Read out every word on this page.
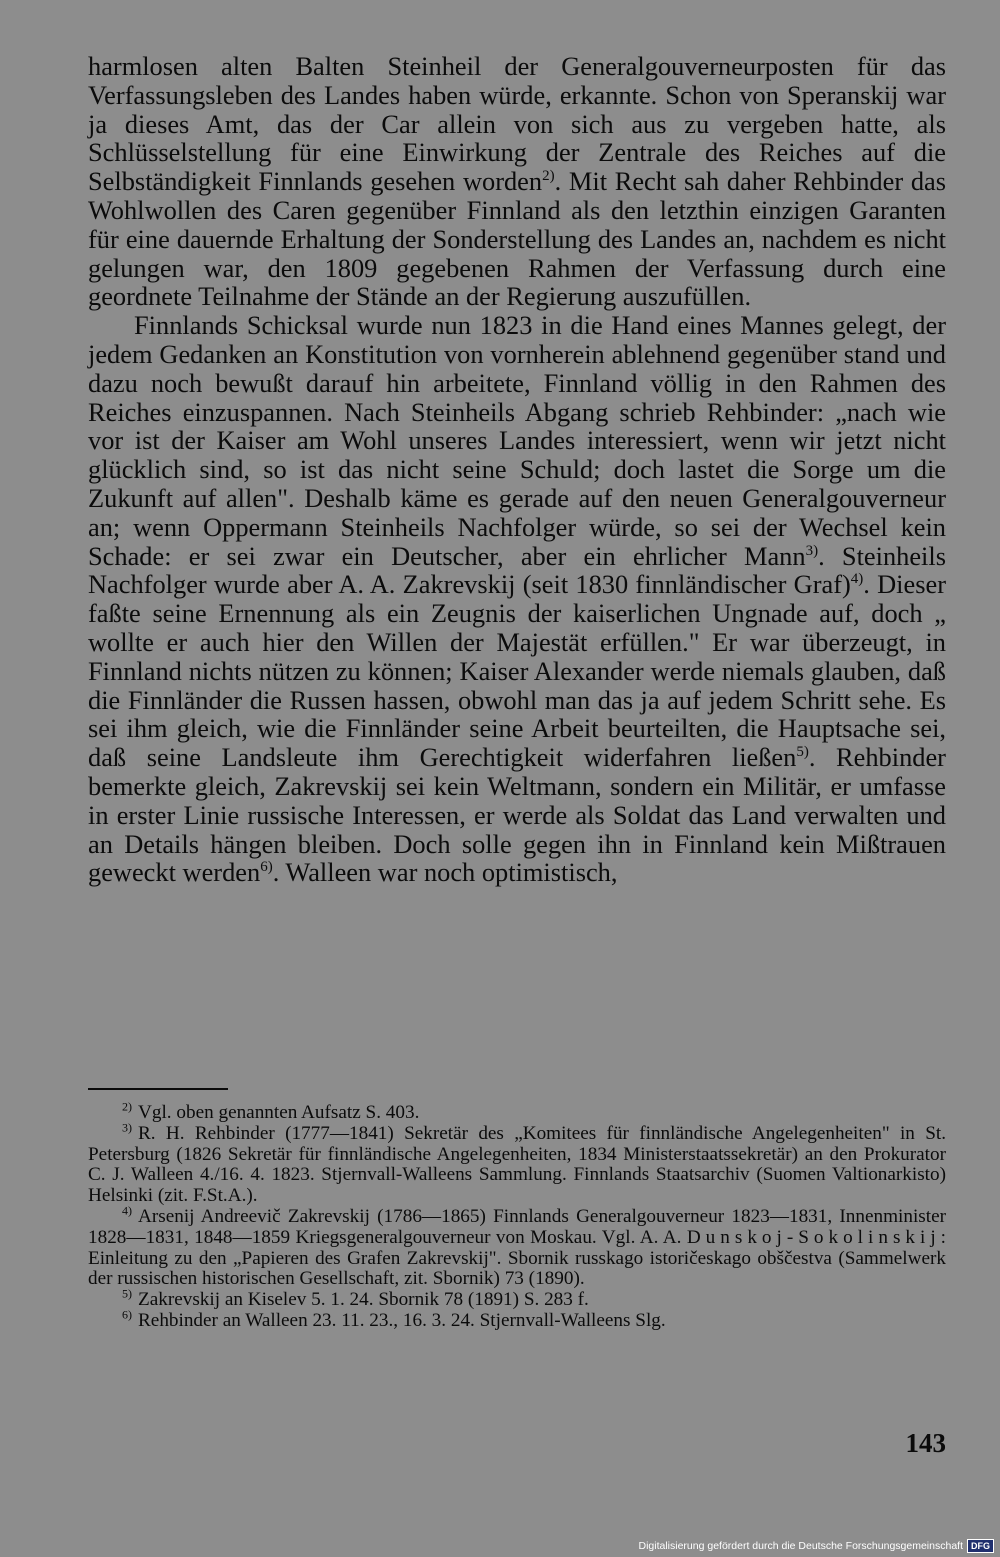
harmlosen alten Balten Steinheil der Generalgouverneurposten für das Verfassungsleben des Landes haben würde, erkannte. Schon von Speranskij war ja dieses Amt, das der Car allein von sich aus zu vergeben hatte, als Schlüsselstellung für eine Einwirkung der Zentrale des Reiches auf die Selbständigkeit Finnlands gesehen worden$^{2)}$. Mit Recht sah daher Rehbinder das Wohlwollen des Caren gegenüber Finnland als den letzthin einzigen Garanten für eine dauernde Erhaltung der Sonderstellung des Landes an, nachdem es nicht gelungen war, den 1809 gegebenen Rahmen der Verfassung durch eine geordnete Teilnahme der Stände an der Regierung auszufüllen.

Finnlands Schicksal wurde nun 1823 in die Hand eines Mannes gelegt, der jedem Gedanken an Konstitution von vornherein ablehnend gegenüber stand und dazu noch bewußt darauf hin arbeitete, Finnland völlig in den Rahmen des Reiches einzuspannen. Nach Steinheils Abgang schrieb Rehbinder: „nach wie vor ist der Kaiser am Wohl unseres Landes interessiert, wenn wir jetzt nicht glücklich sind, so ist das nicht seine Schuld; doch lastet die Sorge um die Zukunft auf allen". Deshalb käme es gerade auf den neuen Generalgouverneur an; wenn Oppermann Steinheils Nachfolger würde, so sei der Wechsel kein Schade: er sei zwar ein Deutscher, aber ein ehrlicher Mann$^{3)}$. Steinheils Nachfolger wurde aber A. A. Zakrevskij (seit 1830 finnländischer Graf)$^{4)}$. Dieser faßte seine Ernennung als ein Zeugnis der kaiserlichen Ungnade auf, doch „ wollte er auch hier den Willen der Majestät erfüllen." Er war überzeugt, in Finnland nichts nützen zu können; Kaiser Alexander werde niemals glauben, daß die Finnländer die Russen hassen, obwohl man das ja auf jedem Schritt sehe. Es sei ihm gleich, wie die Finnländer seine Arbeit beurteilten, die Hauptsache sei, daß seine Landsleute ihm Gerechtigkeit widerfahren ließen$^{5)}$. Rehbinder bemerkte gleich, Zakrevskij sei kein Weltmann, sondern ein Militär, er umfasse in erster Linie russische Interessen, er werde als Soldat das Land verwalten und an Details hängen bleiben. Doch solle gegen ihn in Finnland kein Mißtrauen geweckt werden$^{6)}$. Walleen war noch optimistisch,

$^{2)}$ Vgl. oben genannten Aufsatz S. 403.

$^{3)}$ R. H. Rehbinder (1777—1841) Sekretär des „Komitees für finnländische Angelegenheiten" in St. Petersburg (1826 Sekretär für finnländische Angelegenheiten, 1834 Ministerstaatssekretär) an den Prokurator C. J. Walleen 4./16. 4. 1823. Stjernvall-Walleens Sammlung. Finnlands Staatsarchiv (Suomen Valtionarkisto) Helsinki (zit. F.St.A.).

$^{4)}$ Arsenij Andreevič Zakrevskij (1786—1865) Finnlands Generalgouverneur 1823—1831, Innenminister 1828—1831, 1848—1859 Kriegsgeneralgouverneur von Moskau. Vgl. A. A. Dunskoj-Sokolinskij: Einleitung zu den „Papieren des Grafen Zakrevskij". Sbornik russkago istoričeskago obščestva (Sammelwerk der russischen historischen Gesellschaft, zit. Sbornik) 73 (1890).

$^{5)}$ Zakrevskij an Kiselev 5. 1. 24. Sbornik 78 (1891) S. 283 f.

$^{6)}$ Rehbinder an Walleen 23. 11. 23., 16. 3. 24. Stjernvall-Walleens Slg.

143
Digitalisierung gefördert durch die Deutsche Forschungsgemeinschaft DFG
